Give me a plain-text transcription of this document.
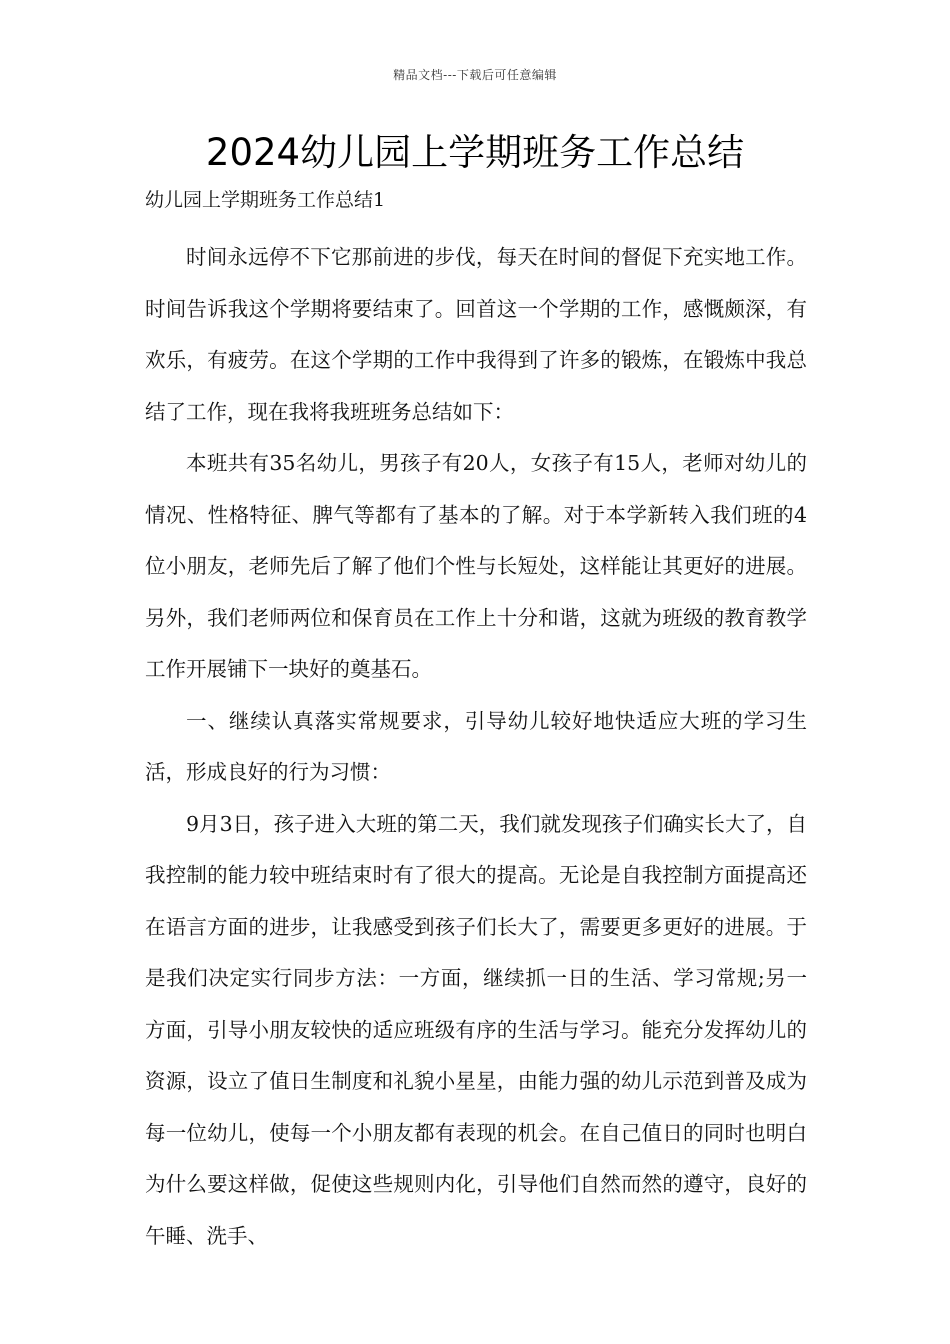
精品文档---下载后可任意编辑
2024幼儿园上学期班务工作总结
幼儿园上学期班务工作总结1

时间永远停不下它那前进的步伐，每天在时间的督促下充实地工作。时间告诉我这个学期将要结束了。回首这一个学期的工作，感慨颇深，有欢乐，有疲劳。在这个学期的工作中我得到了许多的锻炼，在锻炼中我总结了工作，现在我将我班班务总结如下：

本班共有35名幼儿，男孩子有20人，女孩子有15人，老师对幼儿的情况、性格特征、脾气等都有了基本的了解。对于本学新转入我们班的4位小朋友，老师先后了解了他们个性与长短处，这样能让其更好的进展。另外，我们老师两位和保育员在工作上十分和谐，这就为班级的教育教学工作开展铺下一块好的奠基石。

一、继续认真落实常规要求，引导幼儿较好地快适应大班的学习生活，形成良好的行为习惯：

9月3日，孩子进入大班的第二天，我们就发现孩子们确实长大了，自我控制的能力较中班结束时有了很大的提高。无论是自我控制方面提高还在语言方面的进步，让我感受到孩子们长大了，需要更多更好的进展。于是我们决定实行同步方法：一方面，继续抓一日的生活、学习常规;另一方面，引导小朋友较快的适应班级有序的生活与学习。能充分发挥幼儿的资源，设立了值日生制度和礼貌小星星，由能力强的幼儿示范到普及成为每一位幼儿，使每一个小朋友都有表现的机会。在自己值日的同时也明白为什么要这样做，促使这些规则内化，引导他们自然而然的遵守，良好的午睡、洗手、
